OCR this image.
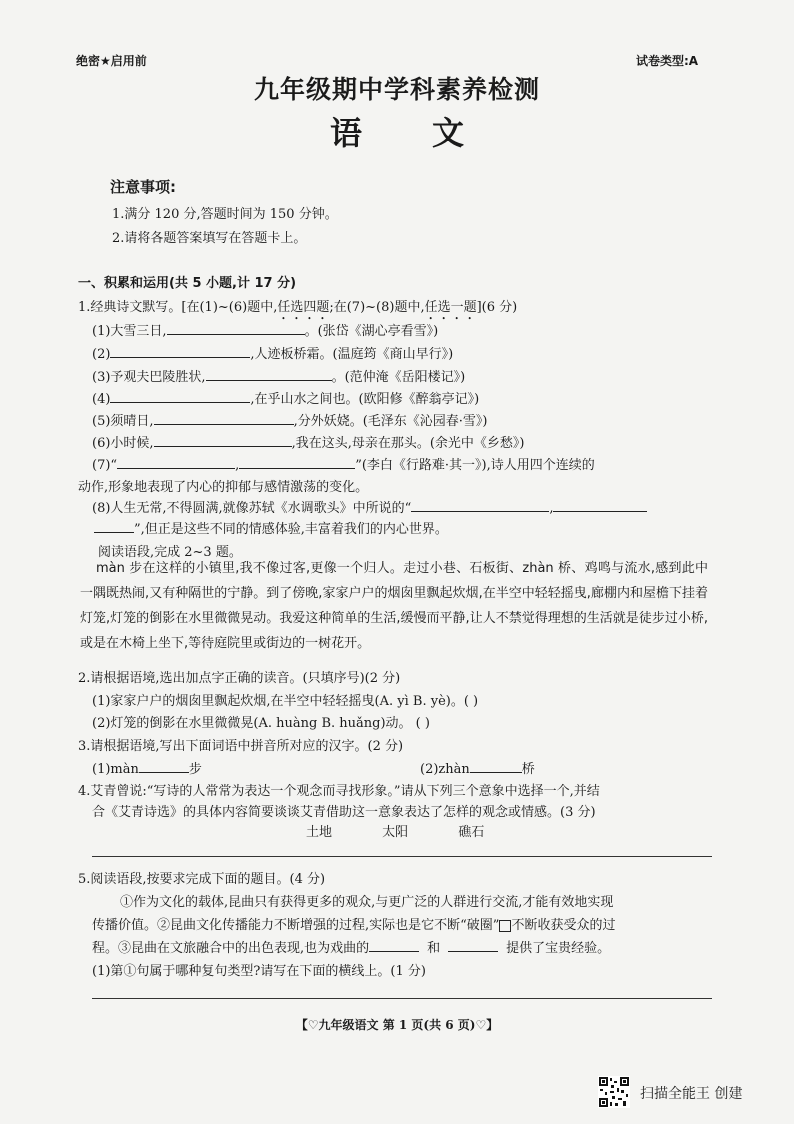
绝密★启用前	试卷类型:A
九年级期中学科素养检测
语文
注意事项:
1.满分 120 分,答题时间为 150 分钟。
2.请将各题答案填写在答题卡上。
一、积累和运用(共 5 小题,计 17 分)
1.经典诗文默写。[在(1)~(6)题中,任选四题;在(7)~(8)题中,任选一题](6 分)
(1)大雪三日,	。(张岱《湖心亭看雪》)
(2)	,人迹板桥霜。(温庭筠《商山早行》)
(3)予观夫巴陵胜状,	。(范仲淹《岳阳楼记》)
(4)	,在乎山水之间也。(欧阳修《醉翁亭记》)
(5)须晴日,	,分外妖娆。(毛泽东《沁园春·雪》)
(6)小时候,	,我在这头,母亲在那头。(余光中《乡愁》)
(7)“	,	”(李白《行路难·其一》),诗人用四个连续的
动作,形象地表现了内心的抑郁与感情激荡的变化。
(8)人生无常,不得圆满,就像苏轼《水调歌头》中所说的“	,
”,但正是这些不同的情感体验,丰富着我们的内心世界。
阅读语段,完成 2~3 题。
màn 步在这样的小镇里,我不像过客,更像一个归人。走过小巷、石板街、zhàn 桥、鸡鸣与流水,感到此中一隅既热闹,又有种隔世的宁静。到了傍晚,家家户户的烟囱里飘起炊烟,在半空中轻轻摇曳,廊棚内和屋檐下挂着灯笼,灯笼的倒影在水里微微晃动。我爱这种简单的生活,缓慢而平静,让人不禁觉得理想的生活就是徒步过小桥,或是在木椅上坐下,等待庭院里或街边的一树花开。
2.请根据语境,选出加点字正确的读音。(只填序号)(2 分)
(1)家家户户的烟囱里飘起炊烟,在半空中轻轻摇曳(A. yì B. yè)。( )
(2)灯笼的倒影在水里微微晃(A. huàng B. huǎng)动。 ( )
3.请根据语境,写出下面词语中拼音所对应的汉字。(2 分)
(1)màn	步	(2)zhàn	桥
4.艾青曾说:“写诗的人常常为表达一个观念而寻找形象。”请从下列三个意象中选择一个,并结
合《艾青诗选》的具体内容简要谈谈艾青借助这一意象表达了怎样的观念或情感。(3 分)
土地	太阳	礁石
5.阅读语段,按要求完成下面的题目。(4 分)
①作为文化的载体,昆曲只有获得更多的观众,与更广泛的人群进行交流,才能有效地实现
传播价值。②昆曲文化传播能力不断增强的过程,实际也是它不断“破圈” 不断收获受众的过
程。③昆曲在文旅融合中的出色表现,也为戏曲的	和	提供了宝贵经验。
(1)第①句属于哪种复句类型?请写在下面的横线上。(1 分)
【♡九年级语文 第 1 页(共 6 页)♡】
扫描全能王 创建
